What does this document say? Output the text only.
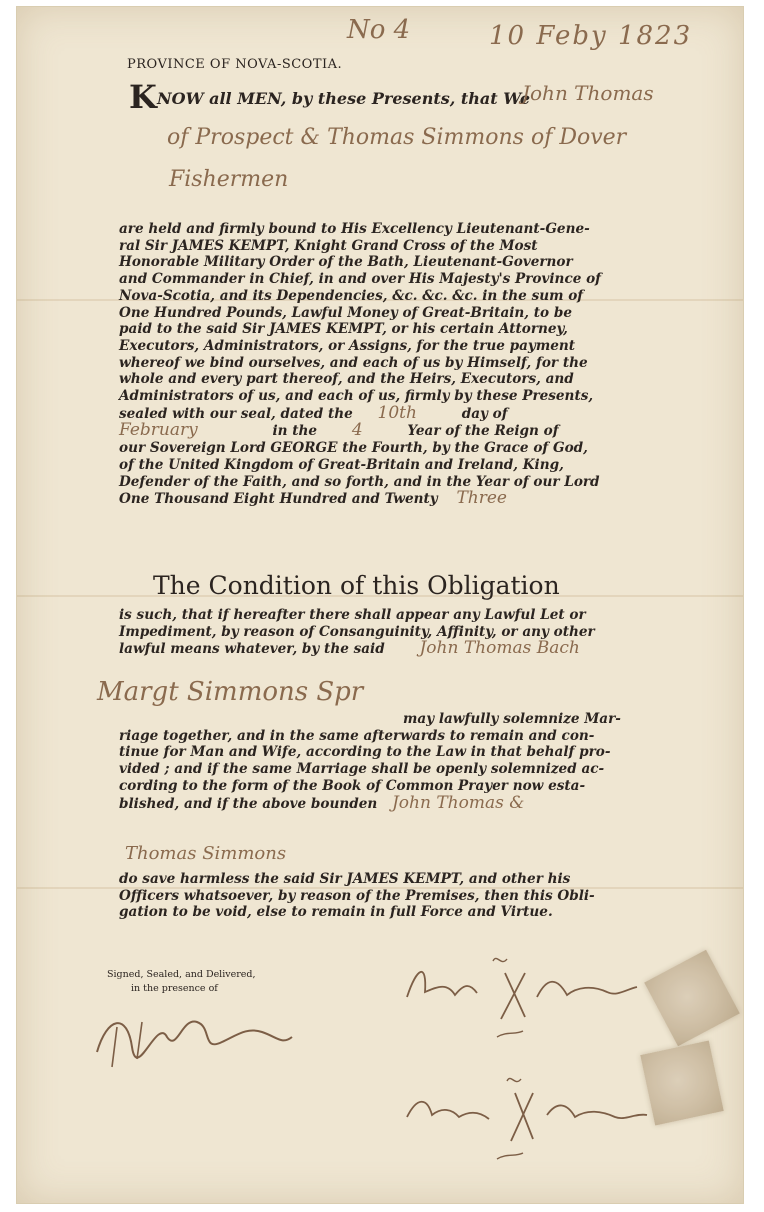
No 4	10 Feby 1823
PROVINCE OF NOVA-SCOTIA.
K NOW all MEN, by these Presents, that We
John Thomas
of Prospect & Thomas Simmons of Dover
Fishermen
are held and firmly bound to His Excellency Lieutenant-Gene-
ral Sir JAMES KEMPT, Knight Grand Cross of the Most
Honorable Military Order of the Bath, Lieutenant-Governor
and Commander in Chief, in and over His Majesty's Province of
Nova-Scotia, and its Dependencies, &c. &c. &c. in the sum of
One Hundred Pounds, Lawful Money of Great-Britain, to be
paid to the said Sir JAMES KEMPT, or his certain Attorney,
Executors, Administrators, or Assigns, for the true payment
whereof we bind ourselves, and each of us by Himself, for the
whole and every part thereof, and the Heirs, Executors, and
Administrators of us, and each of us, firmly by these Presents,
sealed with our seal, dated the 10th	day of
February	in the 4	Year of the Reign of
our Sovereign Lord GEORGE the Fourth, by the Grace of God,
of the United Kingdom of Great-Britain and Ireland, King,
Defender of the Faith, and so forth, and in the Year of our Lord
One Thousand Eight Hundred and Twenty Three
The Condition of this Obligation
is such, that if hereafter there shall appear any Lawful Let or
Impediment, by reason of Consanguinity, Affinity, or any other
lawful means whatever, by the said John Thomas Bach
Margt Simmons Spr
may lawfully solemnize Mar-
riage together, and in the same afterwards to remain and con-
tinue for Man and Wife, according to the Law in that behalf pro-
vided ; and if the same Marriage shall be openly solemnized ac-
cording to the form of the Book of Common Prayer now esta-
blished, and if the above bounden John Thomas &
Thomas Simmons
do save harmless the said Sir JAMES KEMPT, and other his
Officers whatsoever, by reason of the Premises, then this Obli-
gation to be void, else to remain in full Force and Virtue.
Signed, Sealed, and Delivered,
in the presence of
